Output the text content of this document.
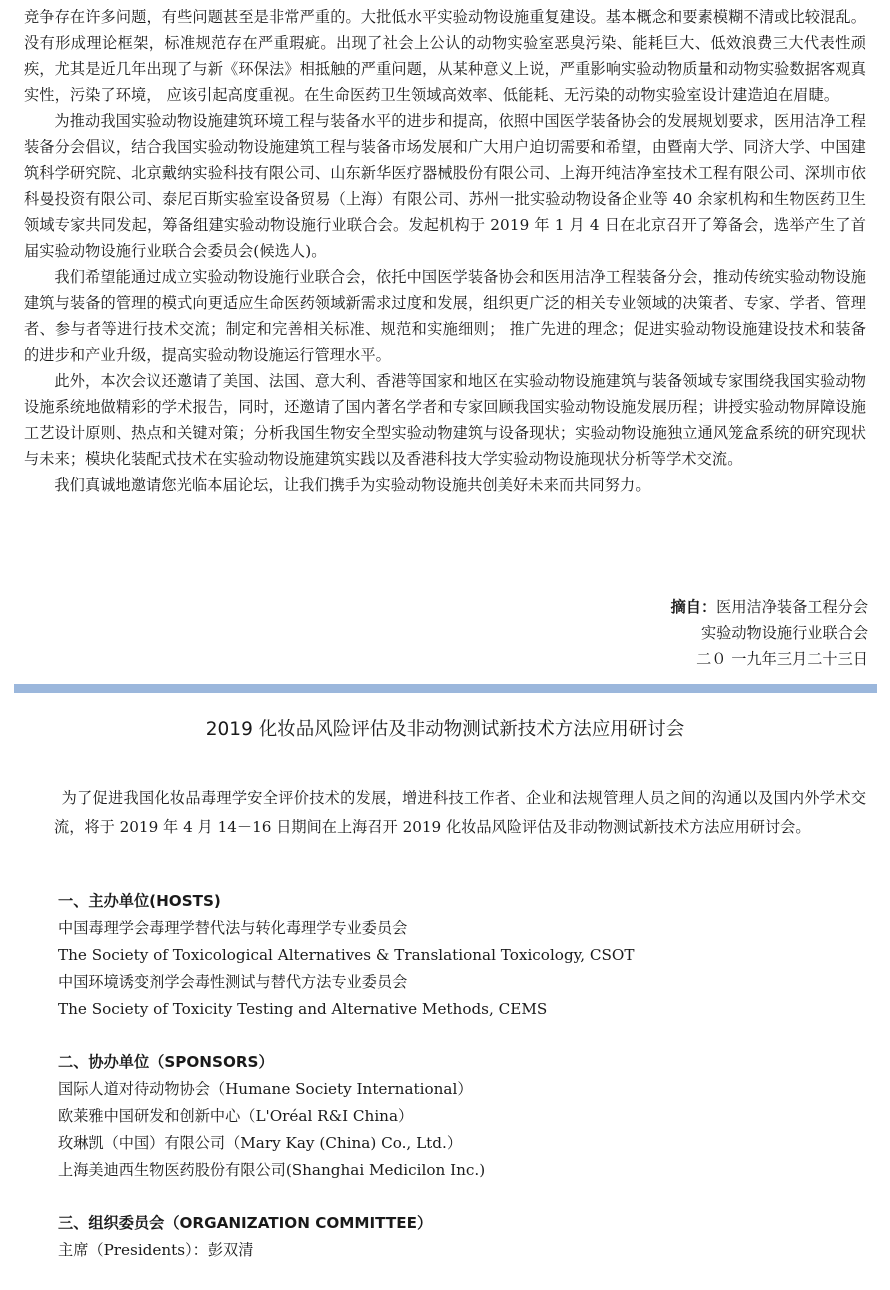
竞争存在许多问题，有些问题甚至是非常严重的。大批低水平实验动物设施重复建设。基本概念和要素模糊不清或比较混乱。没有形成理论框架，标准规范存在严重瑕疵。出现了社会上公认的动物实验室恶臭污染、能耗巨大、低效浪费三大代表性顽疾，尤其是近几年出现了与新《环保法》相抵触的严重问题，从某种意义上说，严重影响实验动物质量和动物实验数据客观真实性，污染了环境， 应该引起高度重视。在生命医药卫生领域高效率、低能耗、无污染的动物实验室设计建造迫在眉睫。

为推动我国实验动物设施建筑环境工程与装备水平的进步和提高，依照中国医学装备协会的发展规划要求，医用洁净工程装备分会倡议，结合我国实验动物设施建筑工程与装备市场发展和广大用户迫切需要和希望，由暨南大学、同济大学、中国建筑科学研究院、北京戴纳实验科技有限公司、山东新华医疗器械股份有限公司、上海开纯洁净室技术工程有限公司、深圳市依科曼投资有限公司、泰尼百斯实验室设备贸易（上海）有限公司、苏州一批实验动物设备企业等 40 余家机构和生物医药卫生领域专家共同发起，筹备组建实验动物设施行业联合会。发起机构于 2019 年 1 月 4 日在北京召开了筹备会，选举产生了首届实验动物设施行业联合会委员会(候选人)。

我们希望能通过成立实验动物设施行业联合会，依托中国医学装备协会和医用洁净工程装备分会，推动传统实验动物设施建筑与装备的管理的模式向更适应生命医药领域新需求过度和发展，组织更广泛的相关专业领域的决策者、专家、学者、管理者、参与者等进行技术交流；制定和完善相关标准、规范和实施细则； 推广先进的理念；促进实验动物设施建设技术和装备的进步和产业升级，提高实验动物设施运行管理水平。

此外，本次会议还邀请了美国、法国、意大利、香港等国家和地区在实验动物设施建筑与装备领域专家围绕我国实验动物设施系统地做精彩的学术报告，同时，还邀请了国内著名学者和专家回顾我国实验动物设施发展历程；讲授实验动物屏障设施工艺设计原则、热点和关键对策；分析我国生物安全型实验动物建筑与设备现状；实验动物设施独立通风笼盒系统的研究现状与未来；模块化装配式技术在实验动物设施建筑实践以及香港科技大学实验动物设施现状分析等学术交流。

我们真诚地邀请您光临本届论坛，让我们携手为实验动物设施共创美好未来而共同努力。

摘自：医用洁净装备工程分会
实验动物设施行业联合会
二０ 一九年三月二十三日
2019 化妆品风险评估及非动物测试新技术方法应用研讨会

为了促进我国化妆品毒理学安全评价技术的发展，增进科技工作者、企业和法规管理人员之间的沟通以及国内外学术交流，将于 2019 年 4 月 14－16 日期间在上海召开 2019 化妆品风险评估及非动物测试新技术方法应用研讨会。

一、主办单位(HOSTS)

中国毒理学会毒理学替代法与转化毒理学专业委员会

The Society of Toxicological Alternatives & Translational Toxicology, CSOT

中国环境诱变剂学会毒性测试与替代方法专业委员会

The Society of Toxicity Testing and Alternative Methods, CEMS

二、协办单位（SPONSORS）

国际人道对待动物协会（Humane Society International）

欧莱雅中国研发和创新中心（L'Oréal R&I China）

玫琳凯（中国）有限公司（Mary Kay (China) Co., Ltd.）

上海美迪西生物医药股份有限公司(Shanghai Medicilon Inc.)

三、组织委员会（ORGANIZATION COMMITTEE）

主席（Presidents）：彭双清
